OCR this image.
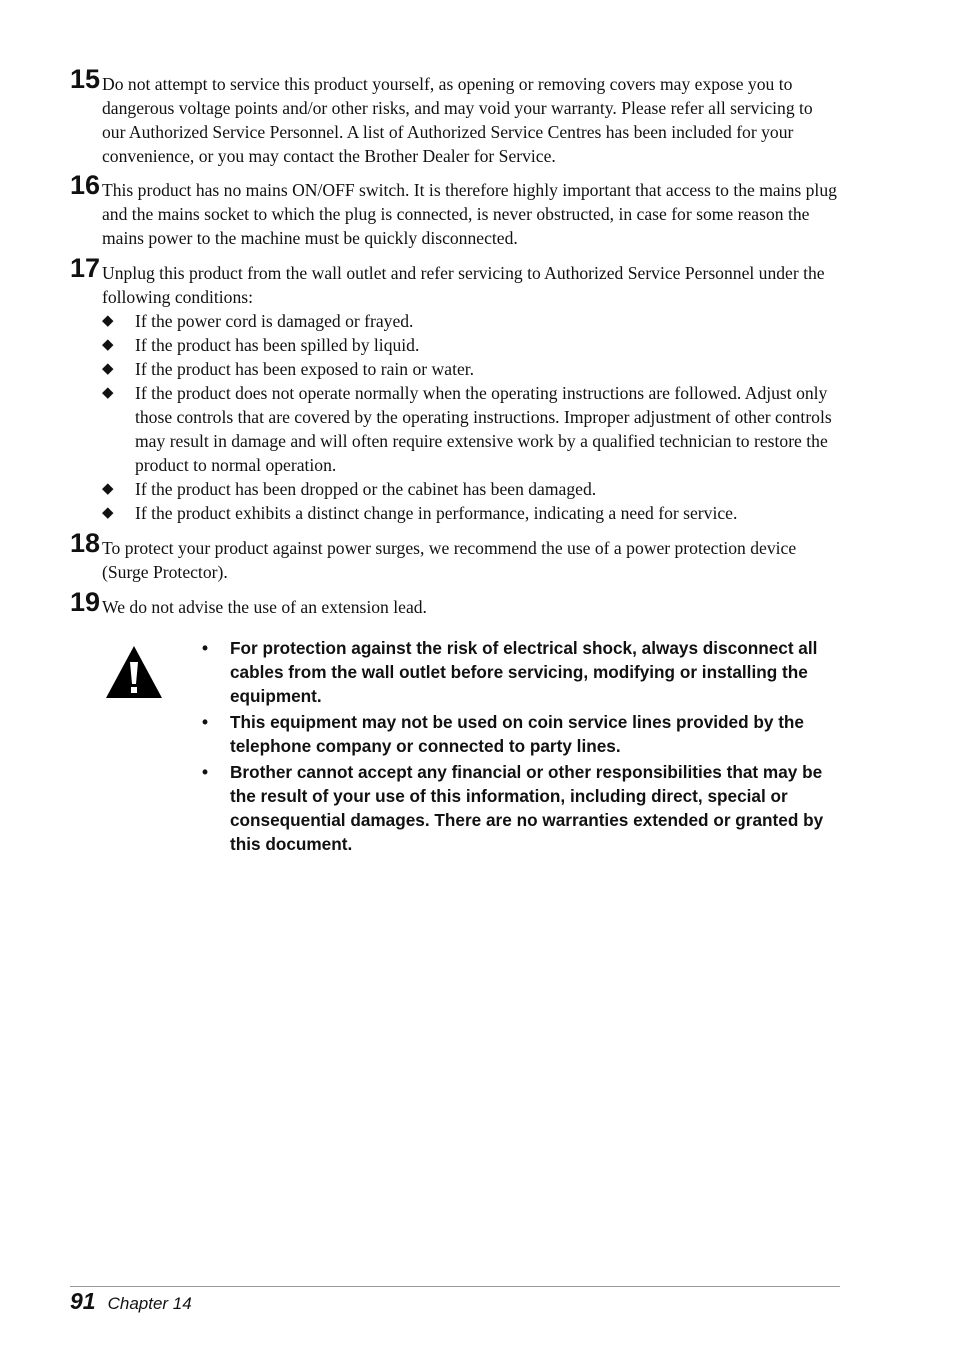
15 Do not attempt to service this product yourself, as opening or removing covers may expose you to dangerous voltage points and/or other risks, and may void your warranty. Please refer all servicing to our Authorized Service Personnel. A list of Authorized Service Centres has been included for your convenience, or you may contact the Brother Dealer for Service.
16 This product has no mains ON/OFF switch. It is therefore highly important that access to the mains plug and the mains socket to which the plug is connected, is never obstructed, in case for some reason the mains power to the machine must be quickly disconnected.
17 Unplug this product from the wall outlet and refer servicing to Authorized Service Personnel under the following conditions:
◆ If the power cord is damaged or frayed.
◆ If the product has been spilled by liquid.
◆ If the product has been exposed to rain or water.
◆ If the product does not operate normally when the operating instructions are followed. Adjust only those controls that are covered by the operating instructions. Improper adjustment of other controls may result in damage and will often require extensive work by a qualified technician to restore the product to normal operation.
◆ If the product has been dropped or the cabinet has been damaged.
◆ If the product exhibits a distinct change in performance, indicating a need for service.
18 To protect your product against power surges, we recommend the use of a power protection device (Surge Protector).
19 We do not advise the use of an extension lead.
• For protection against the risk of electrical shock, always disconnect all cables from the wall outlet before servicing, modifying or installing the equipment.
• This equipment may not be used on coin service lines provided by the telephone company or connected to party lines.
• Brother cannot accept any financial or other responsibilities that may be the result of your use of this information, including direct, special or consequential damages. There are no warranties extended or granted by this document.
91 Chapter 14
